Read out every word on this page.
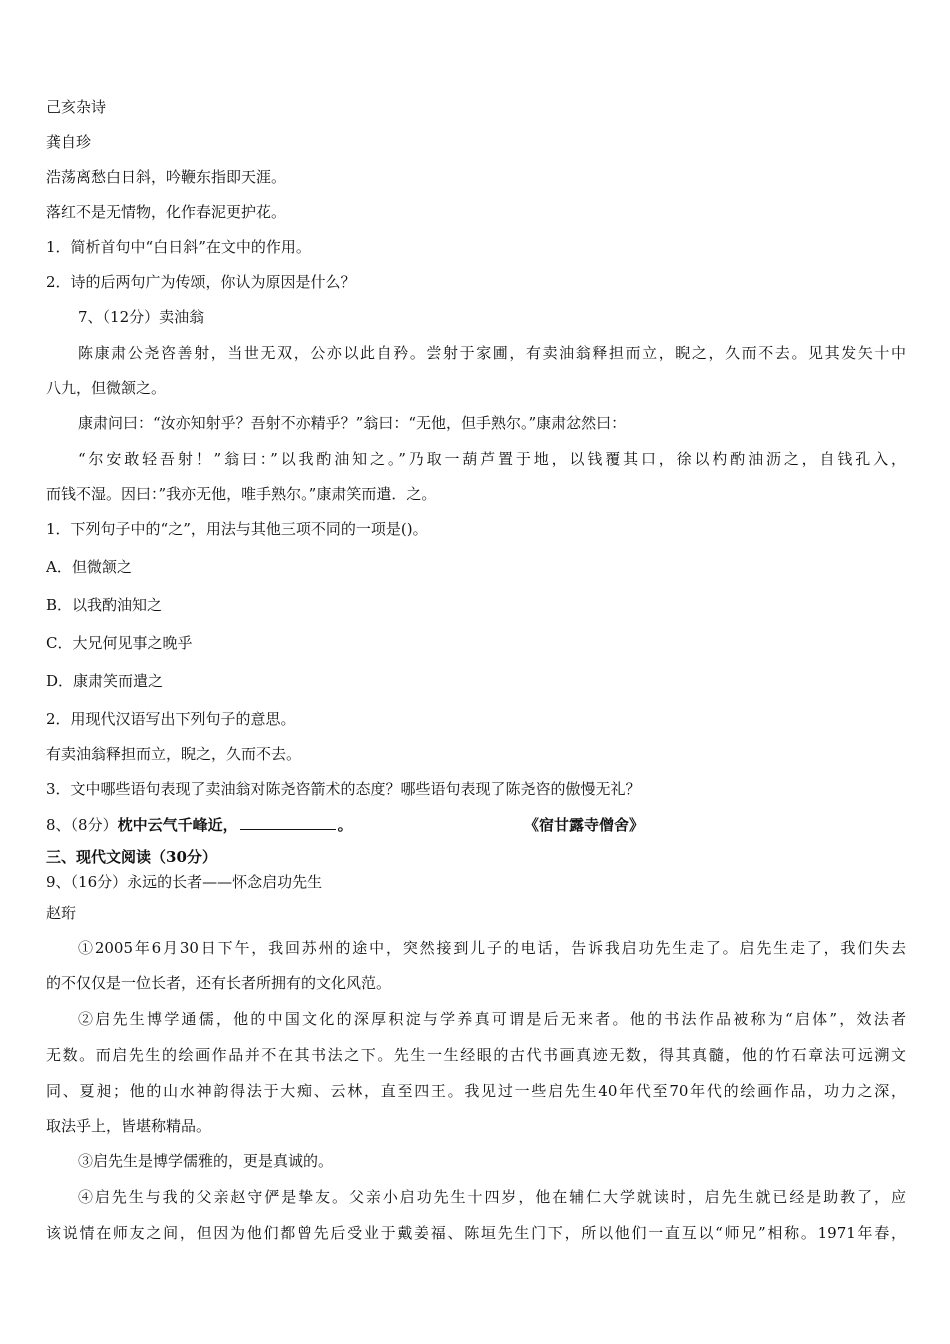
己亥杂诗

龚自珍

浩荡离愁白日斜，吟鞭东指即天涯。

落红不是无情物，化作春泥更护花。

1．简析首句中“白日斜”在文中的作用。

2．诗的后两句广为传颂，你认为原因是什么？

7、（12分）卖油翁

陈康肃公尧咨善射，当世无双，公亦以此自矜。尝射于家圃，有卖油翁释担而立，睨之，久而不去。见其发矢十中

八九，但微颔之。

康肃问曰：“汝亦知射乎？吾射不亦精乎？”翁曰：“无他，但手熟尔。”康肃忿然曰：

“尔安敢轻吾射！”翁曰：”以我酌油知之。”乃取一葫芦置于地，以钱覆其口，徐以杓酌油沥之，自钱孔入，

而钱不湿。因曰：”我亦无他，唯手熟尔。”康肃笑而遣．之。

1．下列句子中的“之”，用法与其他三项不同的一项是()。

A．但微颔之

B．以我酌油知之

C．大兄何见事之晚乎

D．康肃笑而遣之

2．用现代汉语写出下列句子的意思。

有卖油翁释担而立，睨之，久而不去。

3．文中哪些语句表现了卖油翁对陈尧咨箭术的态度？哪些语句表现了陈尧咨的傲慢无礼？

8、（8分）枕中云气千峰近，	。	《宿甘露寺僧舍》

三、现代文阅读（30分）

9、（16分）永远的长者——怀念启功先生

赵珩

①2005年6月30日下午，我回苏州的途中，突然接到儿子的电话，告诉我启功先生走了。启先生走了，我们失去

的不仅仅是一位长者，还有长者所拥有的文化风范。

②启先生博学通儒，他的中国文化的深厚积淀与学养真可谓是后无来者。他的书法作品被称为“启体”，效法者

无数。而启先生的绘画作品并不在其书法之下。先生一生经眼的古代书画真迹无数，得其真髓，他的竹石章法可远溯文

同、夏昶；他的山水神韵得法于大痴、云林，直至四王。我见过一些启先生40年代至70年代的绘画作品，功力之深，

取法乎上，皆堪称精品。

③启先生是博学儒雅的，更是真诚的。

④启先生与我的父亲赵守俨是挚友。父亲小启功先生十四岁，他在辅仁大学就读时，启先生就已经是助教了，应

该说情在师友之间，但因为他们都曾先后受业于戴姜福、陈垣先生门下，所以他们一直互以“师兄”相称。1971年春，
